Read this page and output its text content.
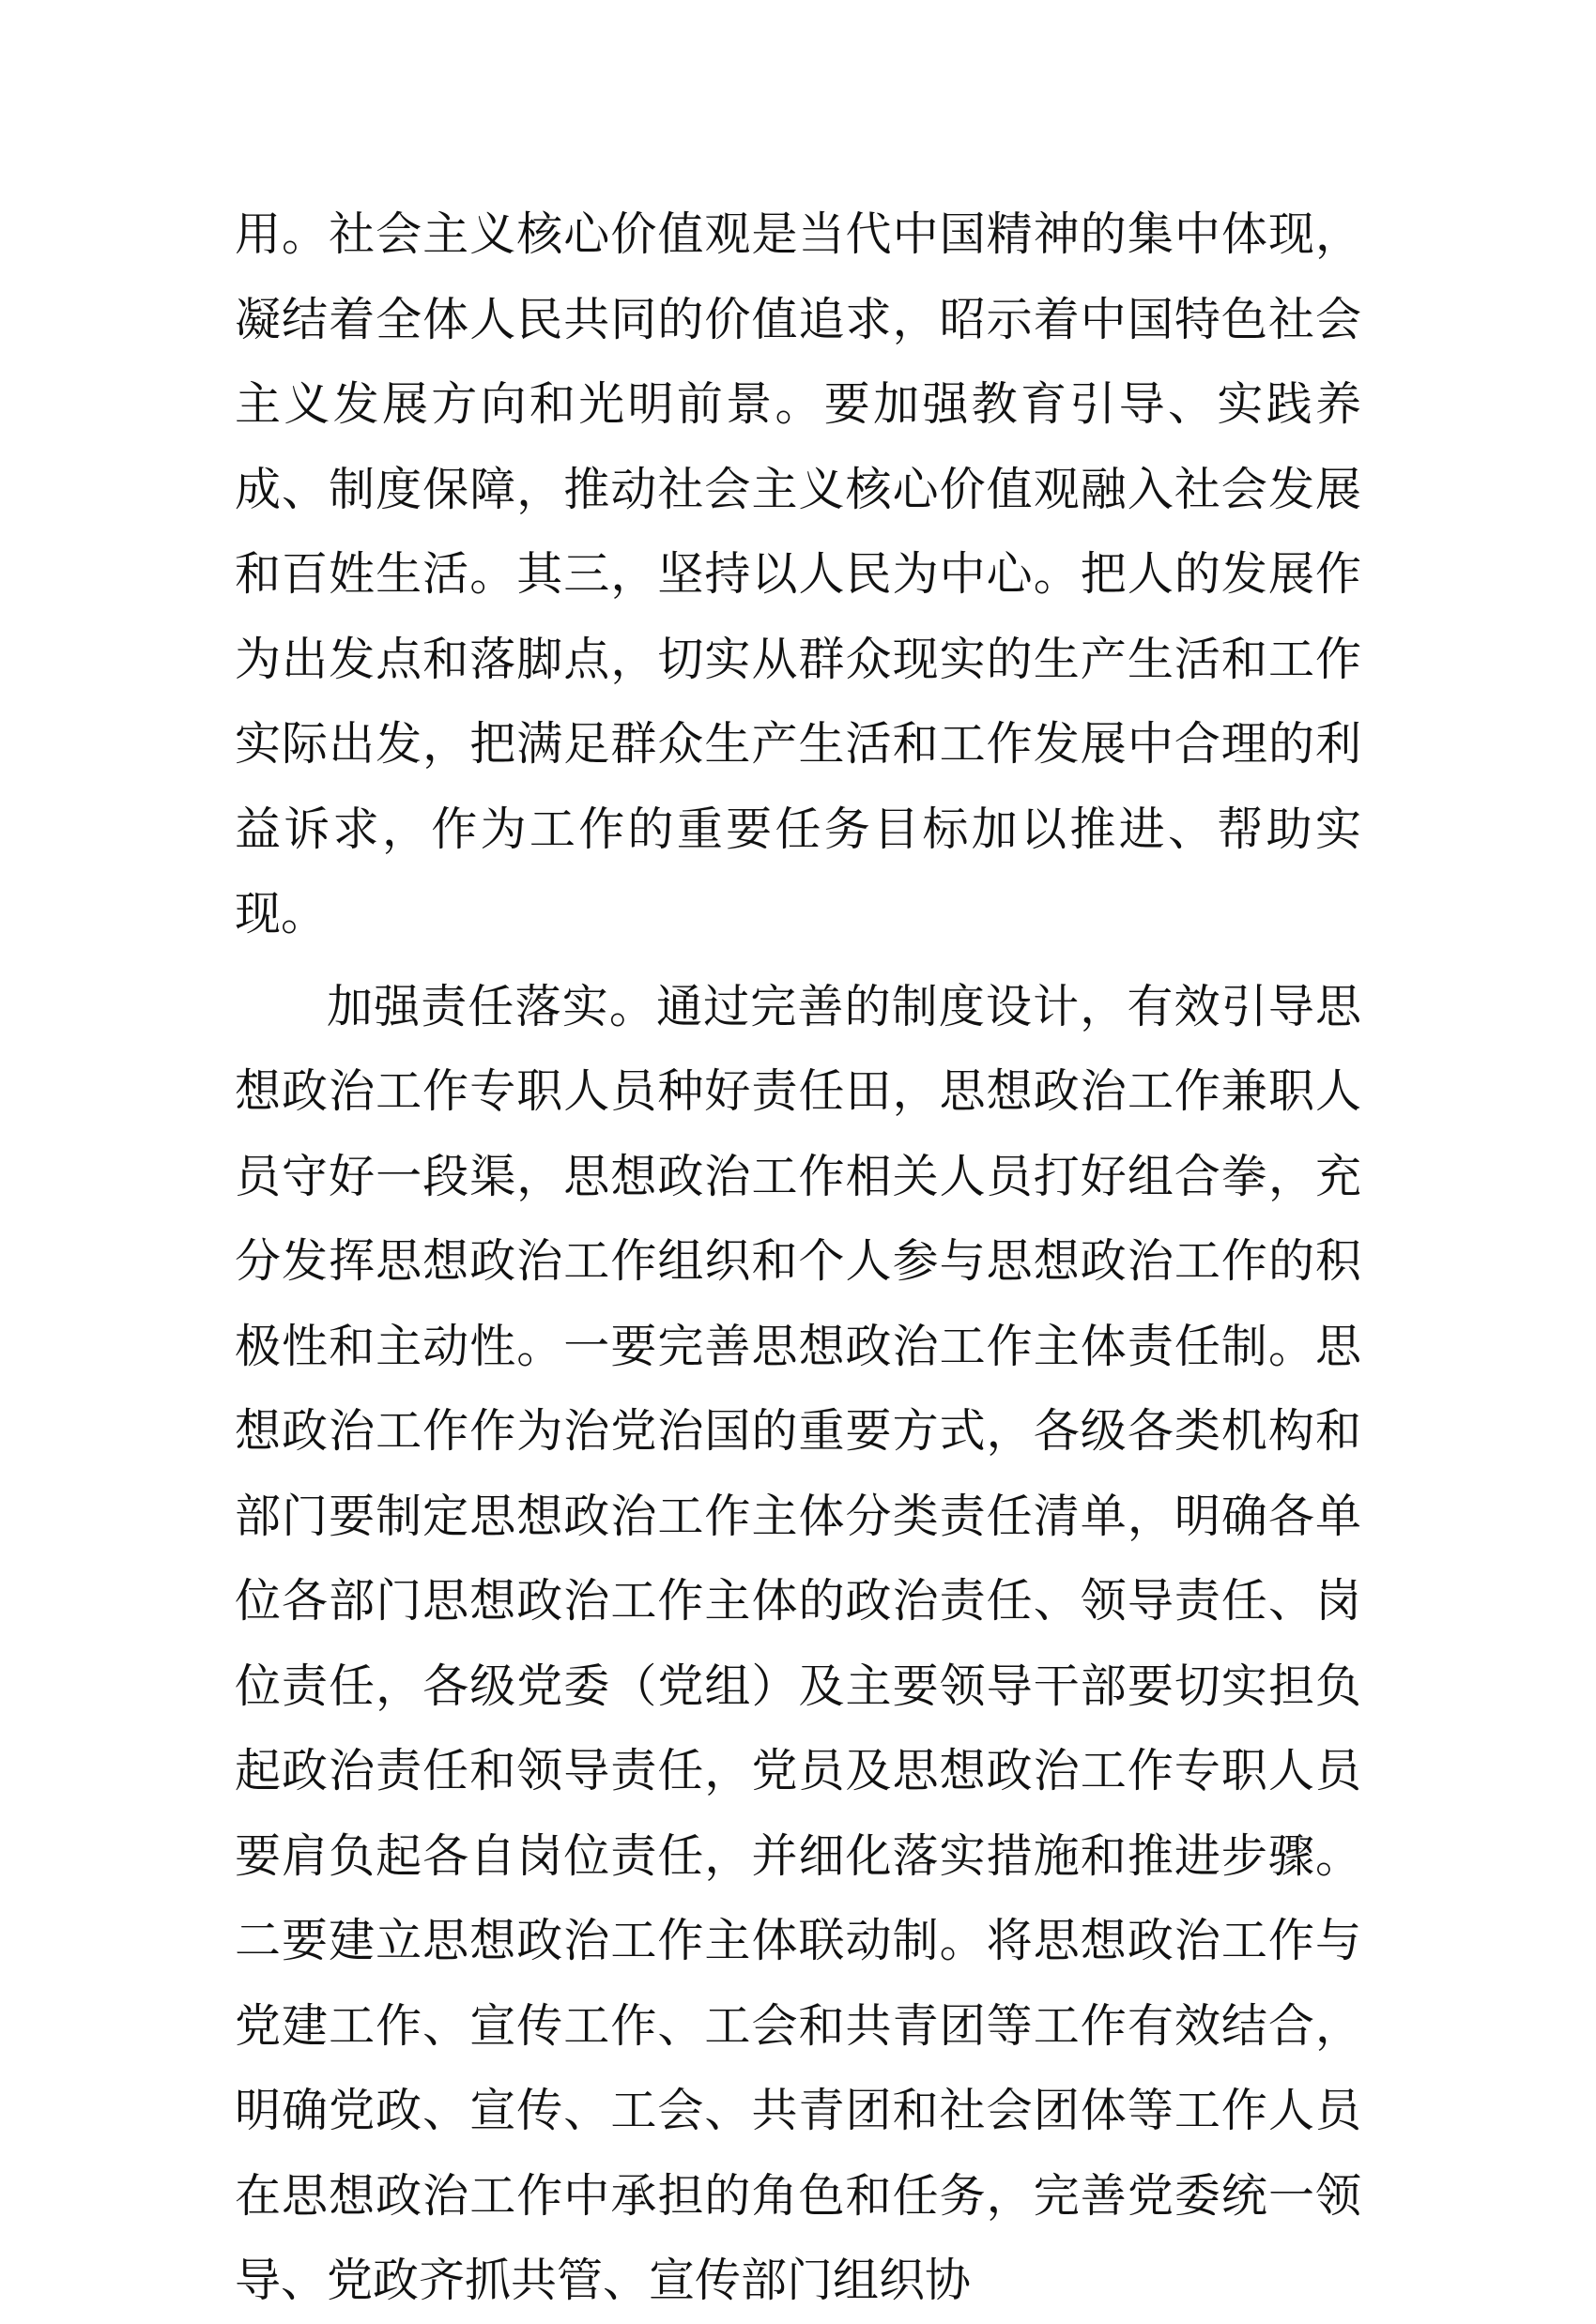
用。社会主义核心价值观是当代中国精神的集中体现，凝结着全体人民共同的价值追求，昭示着中国特色社会主义发展方向和光明前景。要加强教育引导、实践养成、制度保障，推动社会主义核心价值观融入社会发展和百姓生活。其三，坚持以人民为中心。把人的发展作为出发点和落脚点，切实从群众现实的生产生活和工作实际出发，把满足群众生产生活和工作发展中合理的利益诉求，作为工作的重要任务目标加以推进、帮助实现。

加强责任落实。通过完善的制度设计，有效引导思想政治工作专职人员种好责任田，思想政治工作兼职人员守好一段渠，思想政治工作相关人员打好组合拳，充分发挥思想政治工作组织和个人参与思想政治工作的积极性和主动性。一要完善思想政治工作主体责任制。思想政治工作作为治党治国的重要方式，各级各类机构和部门要制定思想政治工作主体分类责任清单，明确各单位各部门思想政治工作主体的政治责任、领导责任、岗位责任，各级党委（党组）及主要领导干部要切实担负起政治责任和领导责任，党员及思想政治工作专职人员要肩负起各自岗位责任，并细化落实措施和推进步骤。二要建立思想政治工作主体联动制。将思想政治工作与党建工作、宣传工作、工会和共青团等工作有效结合，明确党政、宣传、工会、共青团和社会团体等工作人员在思想政治工作中承担的角色和任务，完善党委统一领导、党政齐抓共管、宣传部门组织协
